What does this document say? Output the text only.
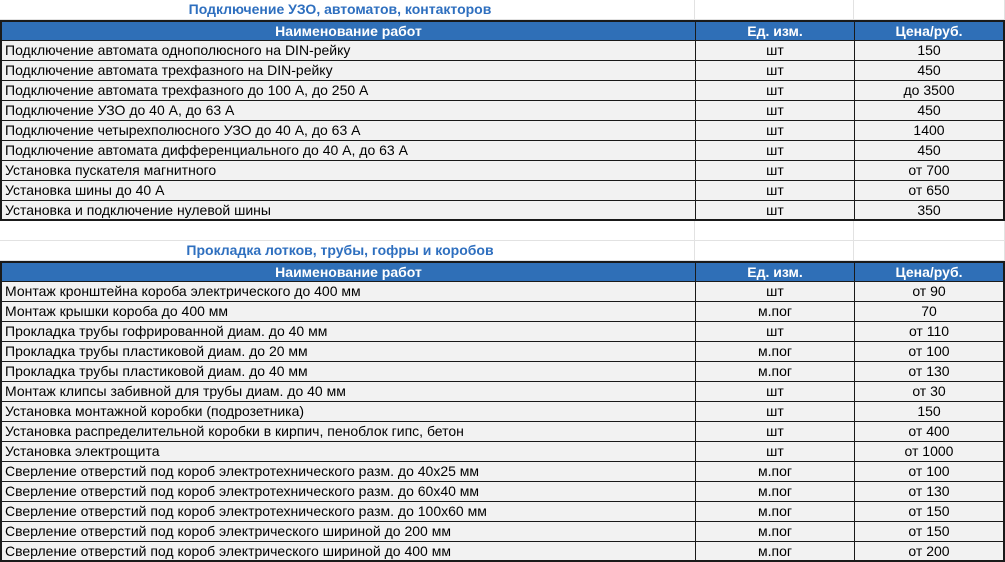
Подключение УЗО, автоматов, контакторов
Наименование работ	Ед. изм.	Цена/руб.
Подключение автомата однополюсного на DIN-рейку	шт	150
Подключение автомата трехфазного на DIN-рейку	шт	450
Подключение автомата трехфазного до 100 А, до 250 А	шт	до 3500
Подключение УЗО до 40 А, до 63 А	шт	450
Подключение четырехполюсного УЗО до 40 А, до 63 А	шт	1400
Подключение автомата дифференциального до 40 А, до 63 А	шт	450
Установка пускателя магнитного	шт	от 700
Установка шины до 40 А	шт	от 650
Установка и подключение нулевой шины	шт	350
Прокладка лотков, трубы, гофры и коробов
Наименование работ	Ед. изм.	Цена/руб.
Монтаж кронштейна короба электрического до 400 мм	шт	от 90
Монтаж крышки короба до 400 мм	м.пог	70
Прокладка трубы гофрированной диам. до 40 мм	шт	от 110
Прокладка трубы пластиковой диам. до 20 мм	м.пог	от 100
Прокладка трубы пластиковой диам. до 40 мм	м.пог	от 130
Монтаж клипсы забивной для трубы диам. до 40 мм	шт	от 30
Установка монтажной коробки (подрозетника)	шт	150
Установка распределительной коробки в кирпич, пеноблок гипс, бетон	шт	от 400
Установка электрощита	шт	от 1000
Сверление отверстий под короб электротехнического разм. до 40х25 мм	м.пог	от 100
Сверление отверстий под короб электротехнического разм. до 60х40 мм	м.пог	от 130
Сверление отверстий под короб электротехнического разм. до 100х60 мм	м.пог	от 150
Сверление отверстий под короб электрического шириной до 200 мм	м.пог	от 150
Сверление отверстий под короб электрического шириной до 400 мм	м.пог	от 200
